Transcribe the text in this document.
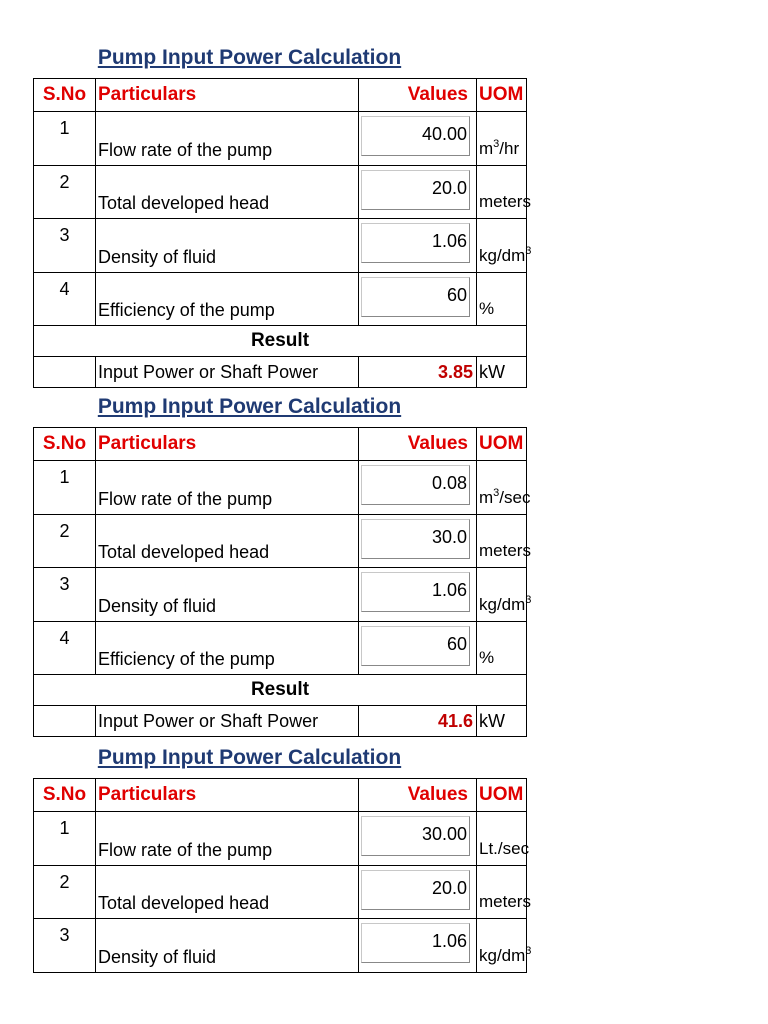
Pump Input Power Calculation
S.No	Particulars	Values	UOM
1	Flow rate of the pump	40.00	$m^3/hr$
2	Total developed head	20.0	meters
3	Density of fluid	1.06	$kg/dm^3$
4	Efficiency of the pump	60	%
Result			
	Input Power or Shaft Power	3.85	kW
Pump Input Power Calculation
S.No	Particulars	Values	UOM
1	Flow rate of the pump	0.08	$m^3/\sec$
2	Total developed head	30.0	meters
3	Density of fluid	1.06	$kg/dm^3$
4	Efficiency of the pump	60	%
Result			
	Input Power or Shaft Power	41.6	kW
Pump Input Power Calculation
S.No	Particulars	Values	UOM
1	Flow rate of the pump	30.00	Lt./sec
2	Total developed head	20.0	meters
3	Density of fluid	1.06	$kg/dm^3$
